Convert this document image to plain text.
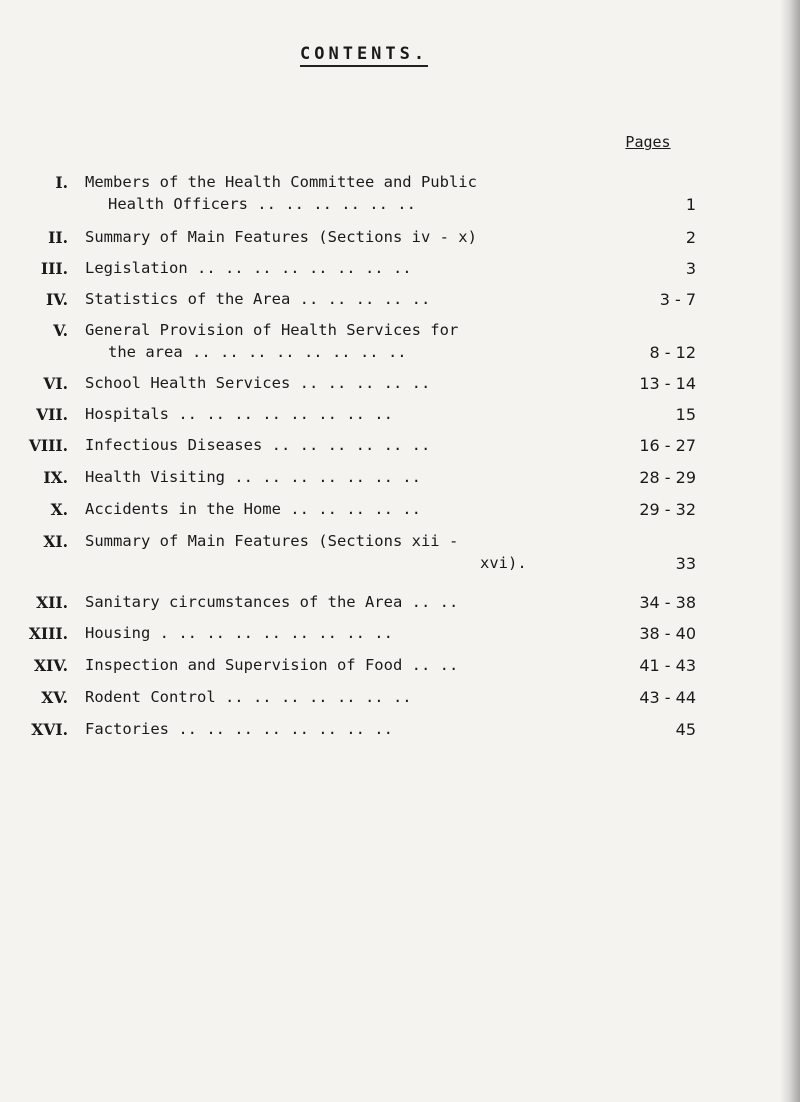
CONTENTS.
Pages
I. Members of the Health Committee and Public
Health Officers .. .. .. .. .. ..	1
II. Summary of Main Features (Sections iv - x)	2
III. Legislation .. .. .. .. .. .. .. ..	3
IV. Statistics of the Area .. .. .. .. ..	3 - 7
V. General Provision of Health Services for
the area .. .. .. .. .. .. .. ..	8 - 12
VI. School Health Services .. .. .. .. ..	13 - 14
VII. Hospitals .. .. .. .. .. .. .. ..	15
VIII. Infectious Diseases .. .. .. .. .. ..	16 - 27
IX. Health Visiting .. .. .. .. .. .. ..	28 - 29
X. Accidents in the Home .. .. .. .. ..	29 - 32
XI. Summary of Main Features (Sections xii -
xvi).	33
XII. Sanitary circumstances of the Area .. ..	34 - 38
XIII. Housing . .. .. .. .. .. .. .. ..	38 - 40
XIV. Inspection and Supervision of Food .. ..	41 - 43
XV. Rodent Control .. .. .. .. .. .. ..	43 - 44
XVI. Factories .. .. .. .. .. .. .. ..	45
